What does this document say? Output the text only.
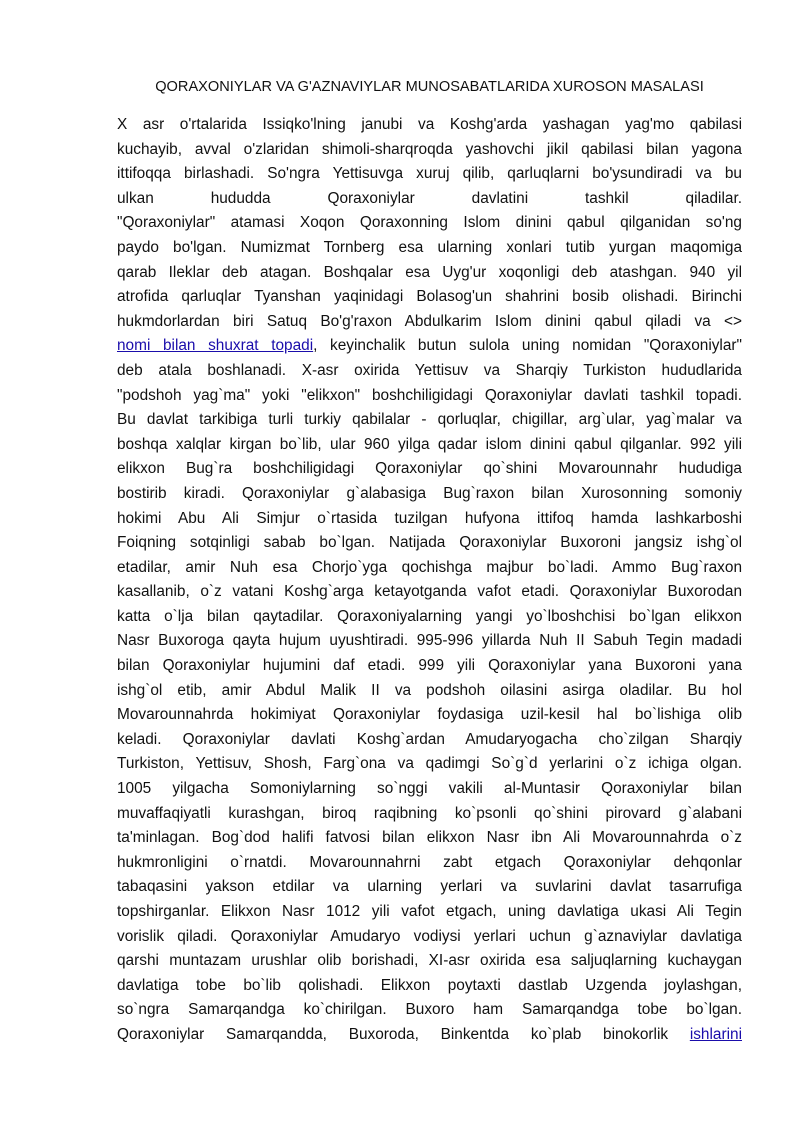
QORAXONIYLAR VA G'AZNAVIYLAR MUNOSABATLARIDA XUROSON MASALASI
X asr o'rtalarida Issiqko'lning janubi va Koshg'arda yashagan yag'mo qabilasi
kuchayib, avval o'zlaridan shimoli-sharqroqda yashovchi jikil qabilasi bilan yagona
ittifoqqa birlashadi. So'ngra Yettisuvga xuruj qilib, qarluqlarni bo'ysundiradi va bu
ulkan hududda Qoraxoniylar davlatini tashkil qiladilar.
"Qoraxoniylar" atamasi Xoqon Qoraxonning Islom dinini qabul qilganidan so'ng
paydo bo'lgan. Numizmat Tornberg esa ularning xonlari tutib yurgan maqomiga
qarab Ileklar deb atagan. Boshqalar esa Uyg'ur xoqonligi deb atashgan. 940 yil
atrofida qarluqlar Tyanshan yaqinidagi Bolasog'un shahrini bosib olishadi. Birinchi
hukmdorlardan biri Satuq Bo'g'raxon Abdulkarim Islom dinini qabul qiladi va <>
nomi bilan shuxrat topadi, keyinchalik butun sulola uning nomidan "Qoraxoniylar"
deb atala boshlanadi. X-asr oxirida Yettisuv va Sharqiy Turkiston hududlarida
"podshoh yag`ma" yoki "elikxon" boshchiligidagi Qoraxoniylar davlati tashkil topadi.
Bu davlat tarkibiga turli turkiy qabilalar - qorluqlar, chigillar, arg`ular, yag`malar va
boshqa xalqlar kirgan bo`lib, ular 960 yilga qadar islom dinini qabul qilganlar. 992 yili
elikxon Bug`ra boshchiligidagi Qoraxoniylar qo`shini Movarounnahr hududiga
bostirib kiradi. Qoraxoniylar g`alabasiga Bug`raxon bilan Xurosonning somoniy
hokimi Abu Ali Simjur o`rtasida tuzilgan hufyona ittifoq hamda lashkarboshi
Foiqning sotqinligi sabab bo`lgan. Natijada Qoraxoniylar Buxoroni jangsiz ishg`ol
etadilar, amir Nuh esa Chorjo`yga qochishga majbur bo`ladi. Ammo Bug`raxon
kasallanib, o`z vatani Koshg`arga ketayotganda vafot etadi. Qoraxoniylar Buxorodan
katta o`lja bilan qaytadilar. Qoraxoniyalarning yangi yo`lboshchisi bo`lgan elikxon
Nasr Buxoroga qayta hujum uyushtiradi. 995-996 yillarda Nuh II Sabuh Tegin madadi
bilan Qoraxoniylar hujumini daf etadi. 999 yili Qoraxoniylar yana Buxoroni yana
ishg`ol etib, amir Abdul Malik II va podshoh oilasini asirga oladilar. Bu hol
Movarounnahrda hokimiyat Qoraxoniylar foydasiga uzil-kesil hal bo`lishiga olib
keladi. Qoraxoniylar davlati Koshg`ardan Amudaryogacha cho`zilgan Sharqiy
Turkiston, Yettisuv, Shosh, Farg`ona va qadimgi So`g`d yerlarini o`z ichiga olgan.
1005 yilgacha Somoniylarning so`nggi vakili al-Muntasir Qoraxoniylar bilan
muvaffaqiyatli kurashgan, biroq raqibning ko`psonli qo`shini pirovard g`alabani
ta'minlagan. Bog`dod halifi fatvosi bilan elikxon Nasr ibn Ali Movarounnahrda o`z
hukmronligini o`rnatdi. Movarounnahrni zabt etgach Qoraxoniylar dehqonlar
tabaqasini yakson etdilar va ularning yerlari va suvlarini davlat tasarrufiga
topshirganlar. Elikxon Nasr 1012 yili vafot etgach, uning davlatiga ukasi Ali Tegin
vorislik qiladi. Qoraxoniylar Amudaryo vodiysi yerlari uchun g`aznaviylar davlatiga
qarshi muntazam urushlar olib borishadi, XI-asr oxirida esa saljuqlarning kuchaygan
davlatiga tobe bo`lib qolishadi. Elikxon poytaxti dastlab Uzgenda joylashgan,
so`ngra Samarqandga ko`chirilgan. Buxoro ham Samarqandga tobe bo`lgan.
Qoraxoniylar Samarqandda, Buxoroda, Binkentda ko`plab binokorlik ishlarini
